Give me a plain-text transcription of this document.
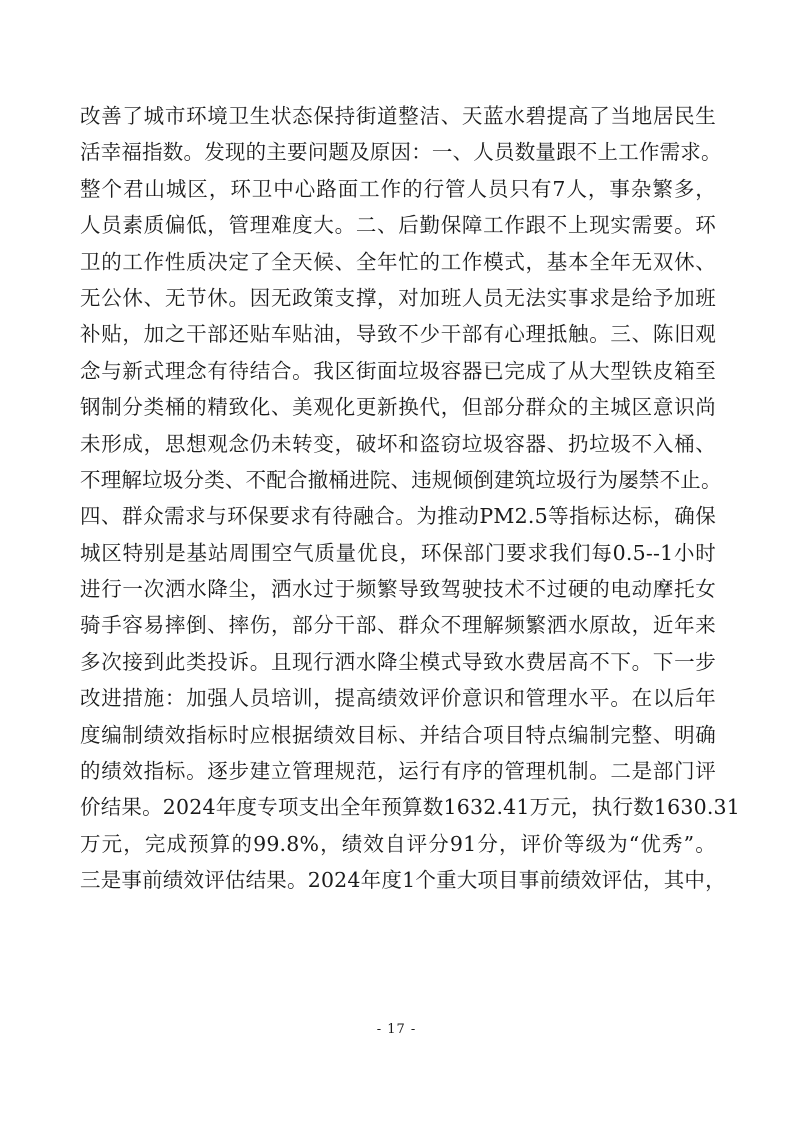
改善了城市环境卫生状态保持街道整洁、天蓝水碧提高了当地居民生
活幸福指数。发现的主要问题及原因：一、人员数量跟不上工作需求。
整个君山城区，环卫中心路面工作的行管人员只有7人，事杂繁多，
人员素质偏低，管理难度大。二、后勤保障工作跟不上现实需要。环
卫的工作性质决定了全天候、全年忙的工作模式，基本全年无双休、
无公休、无节休。因无政策支撑，对加班人员无法实事求是给予加班
补贴，加之干部还贴车贴油，导致不少干部有心理抵触。三、陈旧观
念与新式理念有待结合。我区街面垃圾容器已完成了从大型铁皮箱至
钢制分类桶的精致化、美观化更新换代，但部分群众的主城区意识尚
未形成，思想观念仍未转变，破坏和盗窃垃圾容器、扔垃圾不入桶、
不理解垃圾分类、不配合撤桶进院、违规倾倒建筑垃圾行为屡禁不止。
四、群众需求与环保要求有待融合。为推动PM2.5等指标达标，确保
城区特别是基站周围空气质量优良，环保部门要求我们每0.5--1小时
进行一次洒水降尘，洒水过于频繁导致驾驶技术不过硬的电动摩托女
骑手容易摔倒、摔伤，部分干部、群众不理解频繁洒水原故，近年来
多次接到此类投诉。且现行洒水降尘模式导致水费居高不下。下一步
改进措施：加强人员培训，提高绩效评价意识和管理水平。在以后年
度编制绩效指标时应根据绩效目标、并结合项目特点编制完整、明确
的绩效指标。逐步建立管理规范，运行有序的管理机制。二是部门评
价结果。2024年度专项支出全年预算数1632.41万元，执行数1630.31
万元，完成预算的99.8%，绩效自评分91分，评价等级为“优秀”。
三是事前绩效评估结果。2024年度1个重大项目事前绩效评估，其中，
- 17 -
